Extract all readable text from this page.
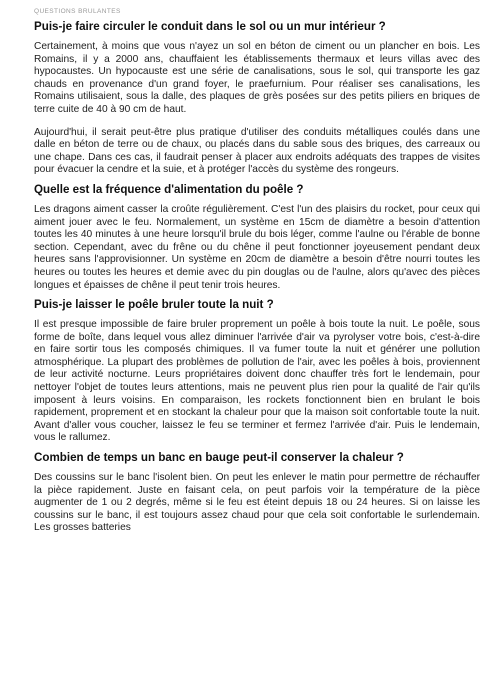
QUESTIONS BRULANTES
Puis-je faire circuler le conduit dans le sol ou un mur intérieur ?

Certainement, à moins que vous n'ayez un sol en béton de ciment ou un plancher en bois. Les Romains, il y a 2000 ans, chauffaient les établissements thermaux et leurs villas avec des hypocaustes. Un hypocauste est une série de canalisations, sous le sol, qui transporte les gaz chauds en provenance d'un grand foyer, le praefurnium. Pour réaliser ses canalisations, les Romains utilisaient, sous la dalle, des plaques de grès posées sur des petits piliers en briques de terre cuite de 40 à 90 cm de haut.

Aujourd'hui, il serait peut-être plus pratique d'utiliser des conduits métalliques coulés dans une dalle en béton de terre ou de chaux, ou placés dans du sable sous des briques, des carreaux ou une chape. Dans ces cas, il faudrait penser à placer aux endroits adéquats des trappes de visites pour évacuer la cendre et la suie, et à protéger l'accès du système des rongeurs.

Quelle est la fréquence d'alimentation du poêle ?

Les dragons aiment casser la croûte régulièrement. C'est l'un des plaisirs du rocket, pour ceux qui aiment jouer avec le feu. Normalement, un système en 15cm de diamètre a besoin d'attention toutes les 40 minutes à une heure lorsqu'il brule du bois léger, comme l'aulne ou l'érable de bonne section. Cependant, avec du frêne ou du chêne il peut fonctionner joyeusement pendant deux heures sans l'approvisionner. Un système en 20cm de diamètre a besoin d'être nourri toutes les heures ou toutes les heures et demie avec du pin douglas ou de l'aulne, alors qu'avec des pièces longues et épaisses de chêne il peut tenir trois heures.

Puis-je laisser le poêle bruler toute la nuit ?

Il est presque impossible de faire bruler proprement un poêle à bois toute la nuit. Le poêle, sous forme de boîte, dans lequel vous allez diminuer l'arrivée d'air va pyrolyser votre bois, c'est-à-dire en faire sortir tous les composés chimiques. Il va fumer toute la nuit et générer une pollution atmosphérique. La plupart des problèmes de pollution de l'air, avec les poêles à bois, proviennent de leur activité nocturne. Leurs propriétaires doivent donc chauffer très fort le lendemain, pour nettoyer l'objet de toutes leurs attentions, mais ne peuvent plus rien pour la qualité de l'air qu'ils imposent à leurs voisins. En comparaison, les rockets fonctionnent bien en brulant le bois rapidement, proprement et en stockant la chaleur pour que la maison soit confortable toute la nuit. Avant d'aller vous coucher, laissez le feu se terminer et fermez l'arrivée d'air. Puis le lendemain, vous le rallumez.

Combien de temps un banc en bauge peut-il conserver la chaleur ?

Des coussins sur le banc l'isolent bien. On peut les enlever le matin pour permettre de réchauffer la pièce rapidement. Juste en faisant cela, on peut parfois voir la température de la pièce augmenter de 1 ou 2 degrés, même si le feu est éteint depuis 18 ou 24 heures. Si on laisse les coussins sur le banc, il est toujours assez chaud pour que cela soit confortable le surlendemain. Les grosses batteries
